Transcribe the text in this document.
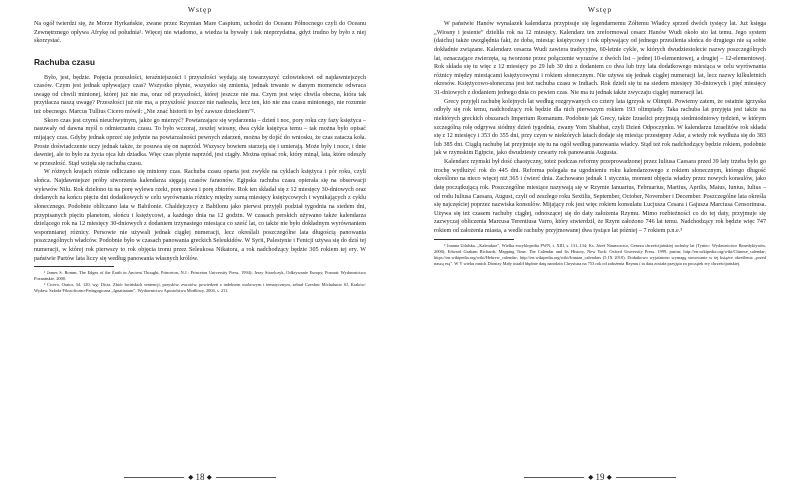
Wstęp

Na ogół twierdzi się, że Morze Hyrkańskie, zwane przez Rzymian Mare Caspium, uchodzi do Oceanu Północnego czyli do Oceanu Zewnętrznego opływa Afrykę od południa¹. Więcej nie wiadomo, a wiedza ta bywały i tak nieprzydatna, gdyż trudno by było z niej skorzystać.

Rachuba czasu

Było, jest, będzie. Pojęcia przeszłości, teraźniejszości i przyszłości wydają się towarzyszyć człowiekowi od najdawniejszych czasów. Czym jest jednak upływający czas? Wszystko płynie, wszystko się zmienia, jednak trwanie w danym momencie odwraca uwagę od chwili minionej, której już nie ma, oraz od przyszłości, której jeszcze nie ma. Czym jest więc chwila obecna, która tak przytłacza naszą uwagę? Przeszłości już nie ma, a przyszłość jeszcze nie nadeszła, lecz ten, kto nie zna czasu minionego, nie rozumie też obecnego. Marcus Tullius Cicero mówił: „Nie znać historii to być zawsze dzieckiem”².

Skoro czas jest czymś nieuchwytnym, jakże go mierzyć? Powtarzające się wydarzenia – dzień i noc, pory roku czy fazy księżyca – nasuwały od dawna myśl o odmierzaniu czasu. To było wczoraj, zeszłej wiosny, dwa cykle księżyca temu – tak można było opisać mijający czas. Gdyby jednak oprzeć się jedynie na powtarzalności pewnych zdarzeń, można by dojść do wniosku, że czas zatacza koła. Proste doświadczenie uczy jednak także, że posuwa się on naprzód. Wszyscy bowiem starzeją się i umierają. Może były i noce, i dnie dawniej, ale to było za życia ojca lub dziadka. Więc czas płynie naprzód, jest ciągły. Można opisać rok, który minął, lata, które odeszły w przeszłość. Stąd wzięła się rachuba czasu.

W różnych krajach różnie odliczano się miniony czas. Rachuba czasu oparta jest zwykle na cyklach księżyca i pór roku, czyli słońca. Najdawniejsze próby stworzenia kalendarza sięgają czasów faraonów. Egipska rachuba czasu opierała się na obserwacji wylewów Nilu. Rok dzielono tu na porę wylewu rzeki, porę siewu i porę zbiorów. Rok ten składał się z 12 miesięcy 30-dniowych oraz dodanych na końcu pięciu dni dodatkowych w celu wyrównania różnicy między sumą miesięcy księżycowych i wynikających z cyklu słonecznego. Podobnie obliczano lata w Babilonie. Chaldejczycy z Babilonu jako pierwsi przyjęli podział tygodnia na siedem dni, przypisanych pięciu planetom, słońcu i księżycowi, a każdego dnia na 12 godzin. W czasach perskich używano także kalendarza dzielącego rok na 12 miesięcy 30-dniowych z dodaniem trzynastego miesiąca co sześć lat, co także nie było dokładnym wyrównaniem wspomnianej różnicy. Persowie nie używali jednak ciągłej numeracji, lecz określali poszczególne lata długością panowania poszczególnych władców. Podobnie było w czasach panowania greckich Seleukidów. W Syrii, Palestynie i Fenicji używa się do dziś tej numeracji, w której rok pierwszy to rok objęcia tronu przez Seleukosa Nikatora, a rok nadchodzący będzie 305 rokiem tej ery. W państwie Partów lata liczy się według panowania własnych królów.

¹ James S. Romm, The Edges of the Earth in Ancient Thought, Princeton, N.J.: Princeton University Press, 1994); Jerzy Strzelczyk, Odkrywanie Europy, Poznań: Wydawnictwo Poznańskie, 2000.

² Cicero, Orator, 34, 120, wg: Dicta. Zbiór łacińskich sentencji, przysłów, zwrotów, powiedzeń z indeksem osobowym i tematycznym, zebrał Czesław Michalunio SJ, Kraków: Wydaw. Szkoła Filozoficzno-Pedagogiczna „Ignatianum”, Wydawnictwo Apostolstwa Modlitwy, 2004, s. 211.

◆ 18 ◆
Wstęp

W państwie Hanów wynalazek kalendarza przypisuje się legendarnemu Żółtemu Władcy sprzed dwóch tysięcy lat. Już księga „Wiosny i jesienie” dzieliła rok na 12 miesięcy. Kalendarz ten zreformował cesarz Hanów Wudi około sto lat temu. Jego system (daichu) także uwzględnia fakt, że doba, miesiąc księżycowy i rok upływający od jednego przesilenia słońca do drugiego nie są sobie dokładnie związane. Kalendarz cesarza Wudi zawiera tradycyjne, 60-letnie cykle, w których dwudziestolecie nazwy poszczególnych lat, oznaczające zwierzęta, są tworzone przez połączenie wyrazów z dwóch list – jednej 10-elementowej, a drugiej – 12-elementowej. Rok składa się tu więc z 12 miesięcy po 29 lub 30 dni z dodaniem co dwa lub trzy lata dodatkowego miesiąca w celu wyrównania różnicy między miesiącami księżycowymi i rokiem słonecznym. Nie używa się jednak ciągłej numeracji lat, lecz nazwy kilkuletnich okresów. Księżycowo-słoneczna jest też rachuba czasu w Indiach. Rok dzieli się tu na siedem miesięcy 30-dniowych i pięć miesięcy 31-dniowych z dodaniem jednego dnia co pewien czas. Nie ma tu jednak także zwyczaju ciągłej numeracji lat.

Grecy przyjęli rachubę kolejnych lat według rozgrywanych co cztery lata igrzysk w Olimpii. Powiemy zatem, że ostatnie igrzyska odbyły się rok temu, nadchodzący rok będzie dla nich pierwszym rokiem 193 olimpiady. Taka rachuba lat przyjęta jest także na niektórych greckich obszarach Imperium Romanum. Podobnie jak Grecy, także Izraelici przyjmują siedmiodniowy tydzień, w którym szczególną rolę odgrywa siódmy dzień tygodnia, zwany Yom Shabbat, czyli Dzień Odpoczynku. W kalendarzu Izraelitów rok składa się z 12 miesięcy i 353 do 355 dni, przy czym w niektórych latach dodaje się miesiąc przestępny Adar, a wtedy rok wydłuża się do 383 lub 385 dni. Ciągłą rachubę lat przyjmuje się tu na ogół według panowania władcy. Stąd też rok nadchodzący będzie rokiem, podobnie jak w rzymskim Egipcie, jako dwudziesty czwarty rok panowania Augusta.

Kalendarz rzymski był dość chaotyczny, toteż podczas reformy przeprowadzonej przez Iuliusa Caesara przed 39 laty trzeba było go trochę wydłużyć rok do 445 dni. Reforma polegała na ugodnieniu roku kalendarzowego z rokiem słonecznym, którego długość określono na nieco więcej niż 365 i ćwierć dnia. Zachowano jednak 1 stycznia, moment objęcia władzy przez nowych konsulów, jako datę początkującą rok. Poszczególne miesiące nazywają się w Rzymie Ianuarius, Februarius, Martius, Aprilis, Maius, Iunius, Iulius – od rodu Iuliusa Caesara, August, czyli od zeszłego roku Sextilis, September, October, November i December. Poszczególne lata określa się najczęściej poprzez nazwiska konsulów. Mijający rok jest więc rokiem konsulatu Lucjusza Cesara i Gajusza Marciusa Censorinusa. Używa się też czasem rachuby ciągłej, odnoszącej się do daty założenia Rzymu. Mimo rozbieżności co do tej daty, przyjmuje się zazwyczaj obliczenia Marcusa Terentiusa Varro, który stwierdził, że Rzym założono 746 lat temu. Nadchodzący rok będzie więc 747 rokiem od założenia miasta, a wedle rachuby przyjmowanej dwa tysiące lat później – 7 rokiem p.n.e.³

³ Joanna Udalska, „Kalendarz”, Wielka encyklopedia PWN, t. XIII, s. 131–134; Ks. Józef Naumowicz, Geneza chrześcijańskiej rachuby lat (Tyniec: Wydawnictwo Benedyktynów, 2000); Edward Graham Richards, Mapping Time. The Calendar and Its History, New York: Oxford University Press, 1999, pasim; http://en.wikipedia.org/wiki/Chinese_calendar; https://en.wikipedia.org/wiki/Hebrew_calendar; http://en.wikipedia.org/wiki/Iranian_calendars (5 IX 2010). Dodatkowo wyjaśniono wymagę stosowanie w tej książce określenia „przed naszą erą”. W V wieku mnich Dionizy Mały ustalił błędnie datę narodzin Chrystusa na 753 rok od założenia Rzymu i ta data została przyjęta za początek ery chrześcijańskiej.

◆ 19 ◆
